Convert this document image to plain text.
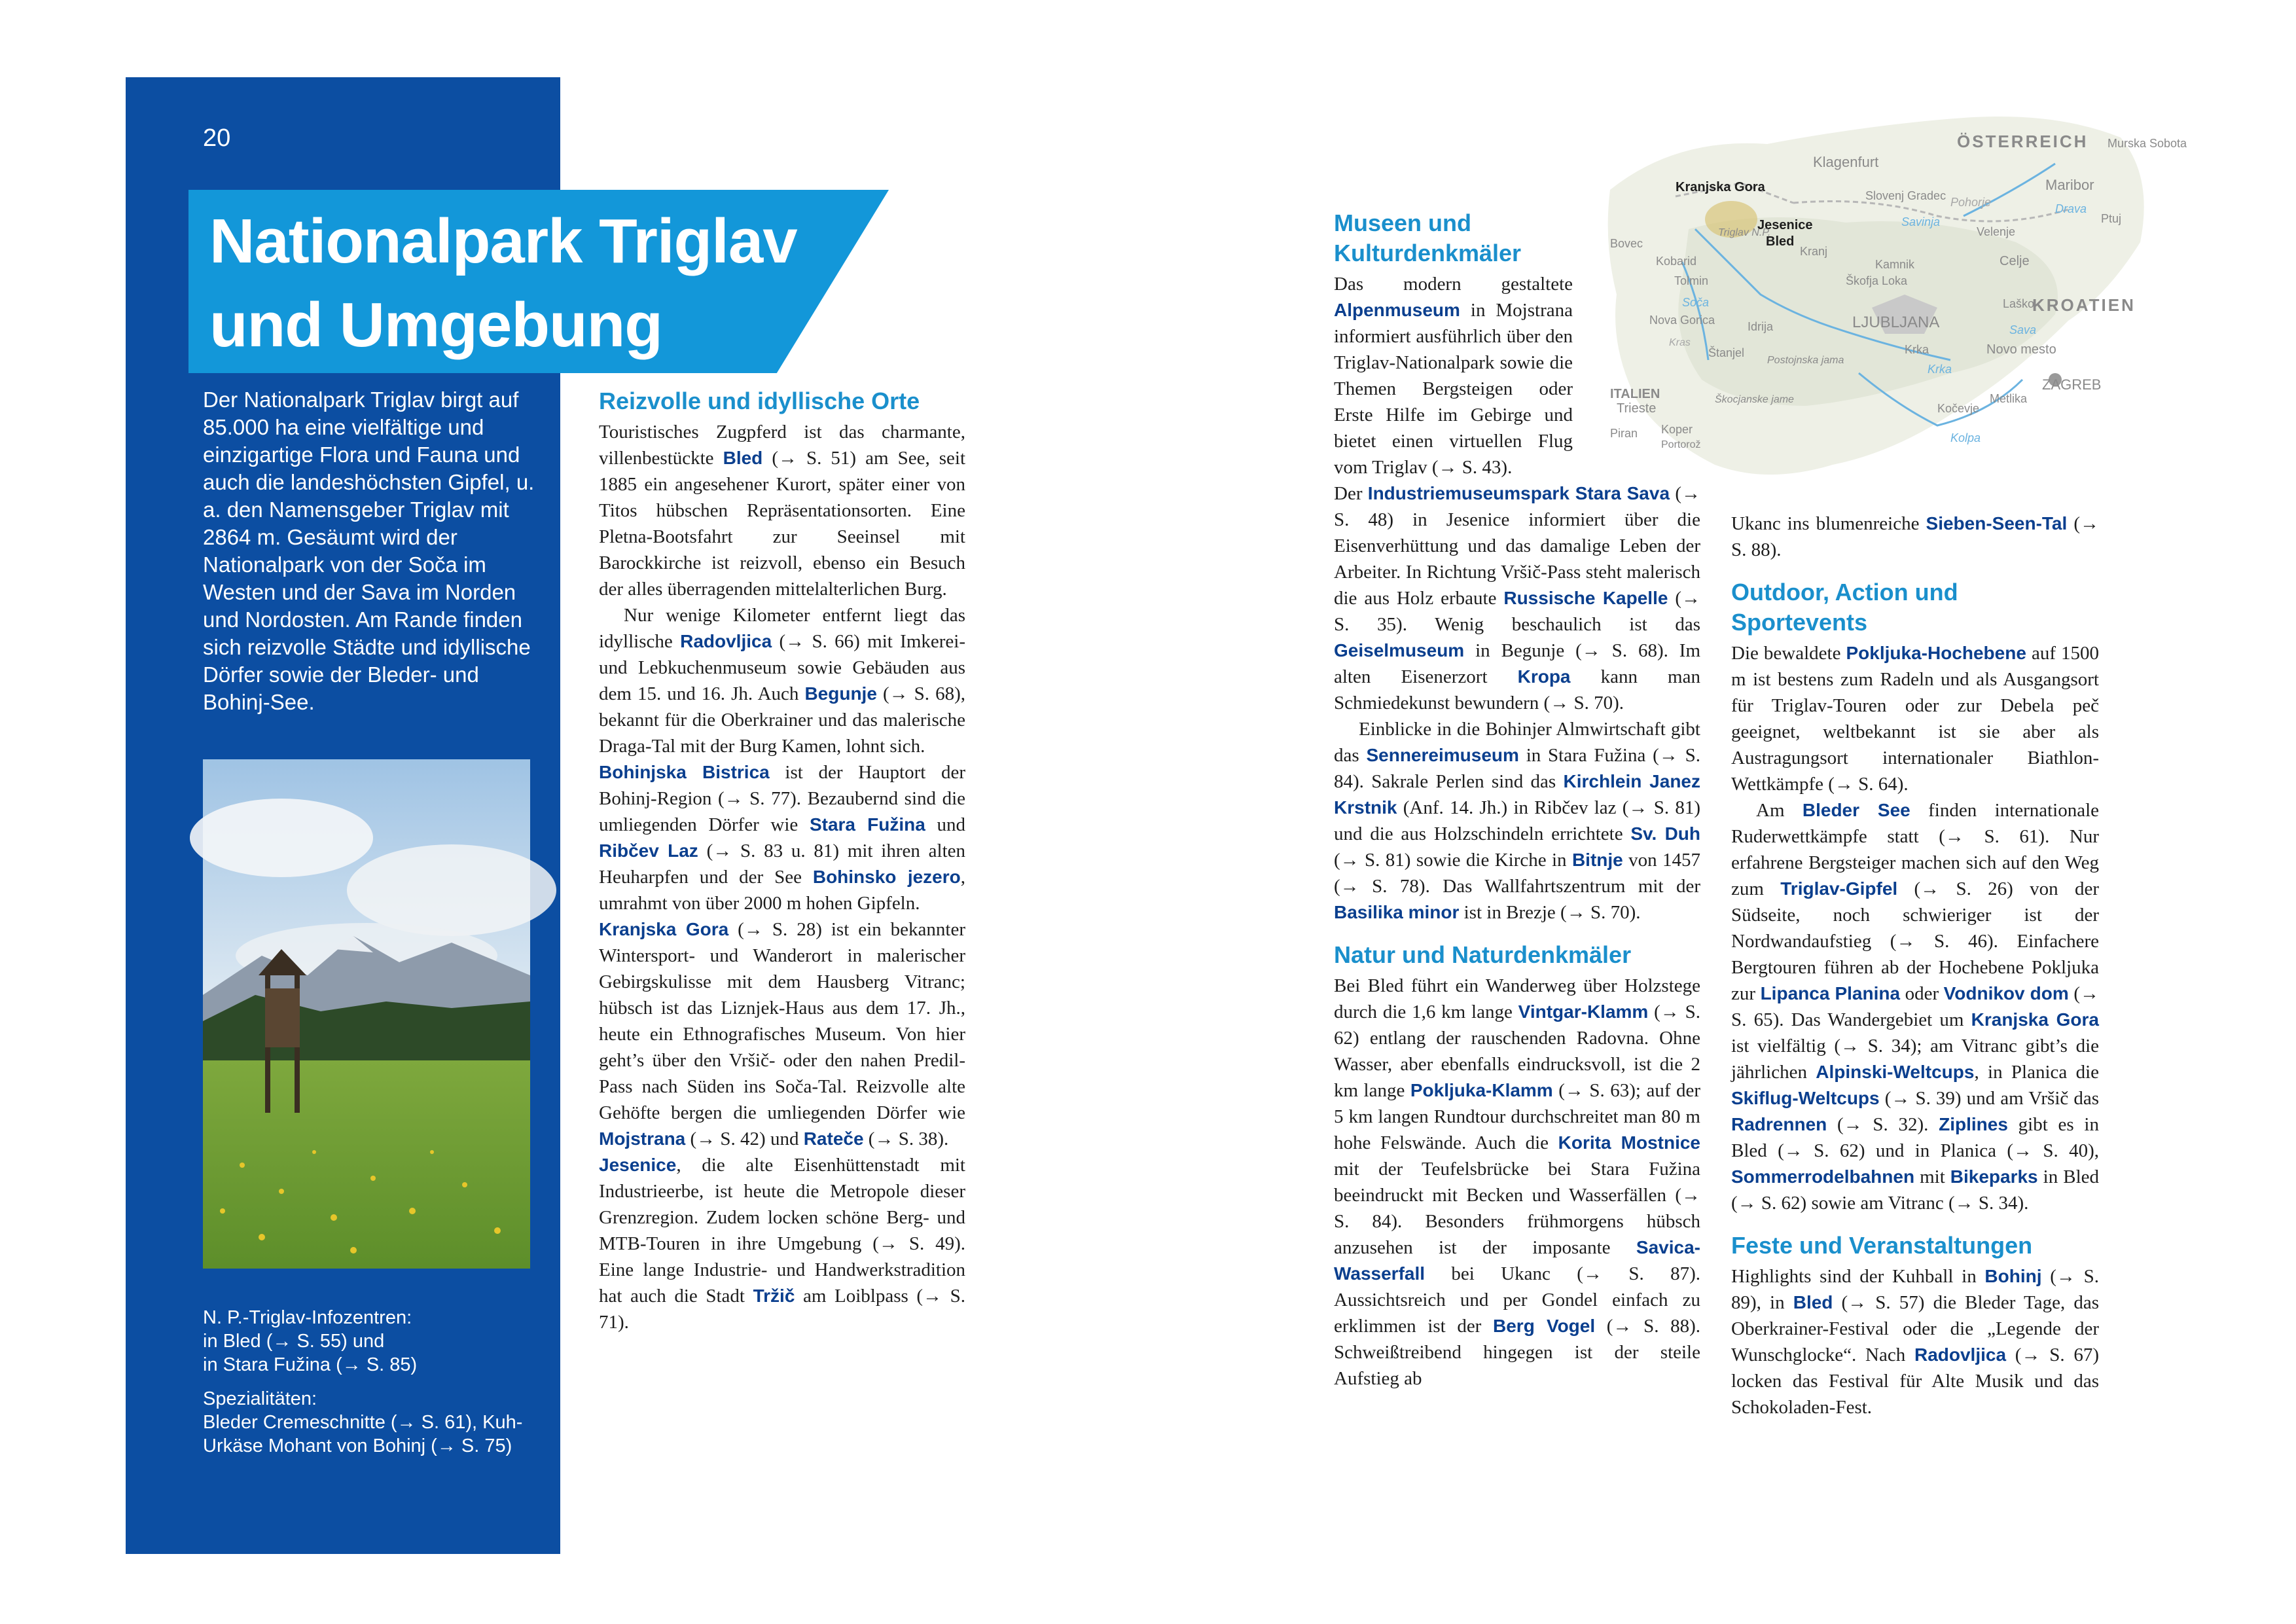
20
Nationalpark Triglav
und Umgebung
Der Nationalpark Triglav birgt auf 85.000 ha eine vielfältige und einzigartige Flora und Fauna und auch die landeshöchsten Gipfel, u. a. den Namensgeber Triglav mit 2864 m. Gesäumt wird der Nationalpark von der Soča im Westen und der Sava im Norden und Nordosten. Am Rande finden sich reizvolle Städte und idyllische Dörfer sowie der Bleder- und Bohinj-See.

N. P.-Triglav-Infozentren:
in Bled (→ S. 55) und
in Stara Fužina (→ S. 85)

Spezialitäten:
Bleder Cremeschnitte (→ S. 61), Kuh-
Urkäse Mohant von Bohinj (→ S. 75)

Reizvolle und idyllische Orte

Touristisches Zugpferd ist das charmante, villenbestückte Bled (→ S. 51) am See, seit 1885 ein angesehener Kurort, später einer von Titos hübschen Repräsentationsorten. Eine Pletna-Bootsfahrt zur Seeinsel mit Barockkirche ist reizvoll, ebenso ein Besuch der alles überragenden mittelalterlichen Burg.

Nur wenige Kilometer entfernt liegt das idyllische Radovljica (→ S. 66) mit Imkerei- und Lebkuchenmuseum sowie Gebäuden aus dem 15. und 16. Jh. Auch Begunje (→ S. 68), bekannt für die Oberkrainer und das malerische Draga-Tal mit der Burg Kamen, lohnt sich.

Bohinjska Bistrica ist der Hauptort der Bohinj-Region (→ S. 77). Bezaubernd sind die umliegenden Dörfer wie Stara Fužina und Ribčev Laz (→ S. 83 u. 81) mit ihren alten Heuharpfen und der See Bohinsko jezero, umrahmt von über 2000 m hohen Gipfeln.

Kranjska Gora (→ S. 28) ist ein bekannter Wintersport- und Wanderort in malerischer Gebirgskulisse mit dem Hausberg Vitranc; hübsch ist das Liznjek-Haus aus dem 17. Jh., heute ein Ethnografisches Museum. Von hier geht’s über den Vršič- oder den nahen Predil-Pass nach Süden ins Soča-Tal. Reizvolle alte Gehöfte bergen die umliegenden Dörfer wie Mojstrana (→ S. 42) und Rateče (→ S. 38).

Jesenice, die alte Eisenhüttenstadt mit Industrieerbe, ist heute die Metropole dieser Grenzregion. Zudem locken schöne Berg- und MTB-Touren in ihre Umgebung (→ S. 49). Eine lange Industrie- und Handwerkstradition hat auch die Stadt Tržič am Loiblpass (→ S. 71).

Museen und Kulturdenkmäler

Das modern gestaltete Alpenmuseum in Mojstrana informiert ausführlich über den Triglav-Nationalpark sowie die Themen Bergsteigen oder Erste Hilfe im Gebirge und bietet einen virtuellen Flug vom Triglav (→ S. 43).

Der Industriemuseumspark Stara Sava (→ S. 48) in Jesenice informiert über die Eisenverhüttung und das damalige Leben der Arbeiter. In Richtung Vršič-Pass steht malerisch die aus Holz erbaute Russische Kapelle (→ S. 35). Wenig beschaulich ist das Geiselmuseum in Begunje (→ S. 68). Im alten Eisenerzort Kropa kann man Schmiedekunst bewundern (→ S. 70).

Einblicke in die Bohinjer Almwirtschaft gibt das Sennereimuseum in Stara Fužina (→ S. 84). Sakrale Perlen sind das Kirchlein Janez Krstnik (Anf. 14. Jh.) in Ribčev laz (→ S. 81) und die aus Holzschindeln errichtete Sv. Duh (→ S. 81) sowie die Kirche in Bitnje von 1457 (→ S. 78). Das Wallfahrtszentrum mit der Basilika minor ist in Brezje (→ S. 70).

Natur und Naturdenkmäler

Bei Bled führt ein Wanderweg über Holzstege durch die 1,6 km lange Vintgar-Klamm (→ S. 62) entlang der rauschenden Radovna. Ohne Wasser, aber ebenfalls eindrucksvoll, ist die 2 km lange Pokljuka-Klamm (→ S. 63); auf der 5 km langen Rundtour durchschreitet man 80 m hohe Felswände. Auch die Korita Mostnice mit der Teufelsbrücke bei Stara Fužina beeindruckt mit Becken und Wasserfällen (→ S. 84). Besonders frühmorgens hübsch anzusehen ist der imposante Savica-Wasserfall bei Ukanc (→ S. 87). Aussichtsreich und per Gondel einfach zu erklimmen ist der Berg Vogel (→ S. 88). Schweißtreibend hingegen ist der steile Aufstieg ab

ÖSTERREICH
KROATIEN
ITALIEN
Klagenfurt
Kranjska Gora
Jesenice
Triglav N.P.
Bled
Maribor
Murska Sobota
Ptuj
Slovenj Gradec
Velenje
Celje
Kranj
Kamnik
Škofja Loka
Bovec
Kobarid
Tolmin
Nova Gorica	Idrija	LJUBLJANA
Laško
Štanjel
Postojnska jama
Krka	Novo mesto
Trieste
Škocjanske jame
Kočevje
Metlika
ZAGREB
Piran Koper
Portorož
Pohorje	Drava
Savinja
Soča
Sava
Krka
Kolpa
Kras

Ukanc ins blumenreiche Sieben-Seen-Tal (→ S. 88).

Outdoor, Action und Sportevents

Die bewaldete Pokljuka-Hochebene auf 1500 m ist bestens zum Radeln und als Ausgangsort für Triglav-Touren oder zur Debela peč geeignet, weltbekannt ist sie aber als Austragungsort internationaler Biathlon-Wettkämpfe (→ S. 64).

Am Bleder See finden internationale Ruderwettkämpfe statt (→ S. 61). Nur erfahrene Bergsteiger machen sich auf den Weg zum Triglav-Gipfel (→ S. 26) von der Südseite, noch schwieriger ist der Nordwandaufstieg (→ S. 46). Einfachere Bergtouren führen ab der Hochebene Pokljuka zur Lipanca Planina oder Vodnikov dom (→ S. 65). Das Wandergebiet um Kranjska Gora ist vielfältig (→ S. 34); am Vitranc gibt’s die jährlichen Alpinski-Weltcups, in Planica die Skiflug-Weltcups (→ S. 39) und am Vršič das Radrennen (→ S. 32). Ziplines gibt es in Bled (→ S. 62) und in Planica (→ S. 40), Sommerrodelbahnen mit Bikeparks in Bled (→ S. 62) sowie am Vitranc (→ S. 34).

Feste und Veranstaltungen

Highlights sind der Kuhball in Bohinj (→ S. 89), in Bled (→ S. 57) die Bleder Tage, das Oberkrainer-Festival oder die „Legende der Wunschglocke“. Nach Radovljica (→ S. 67) locken das Festival für Alte Musik und das Schokoladen-Fest.
